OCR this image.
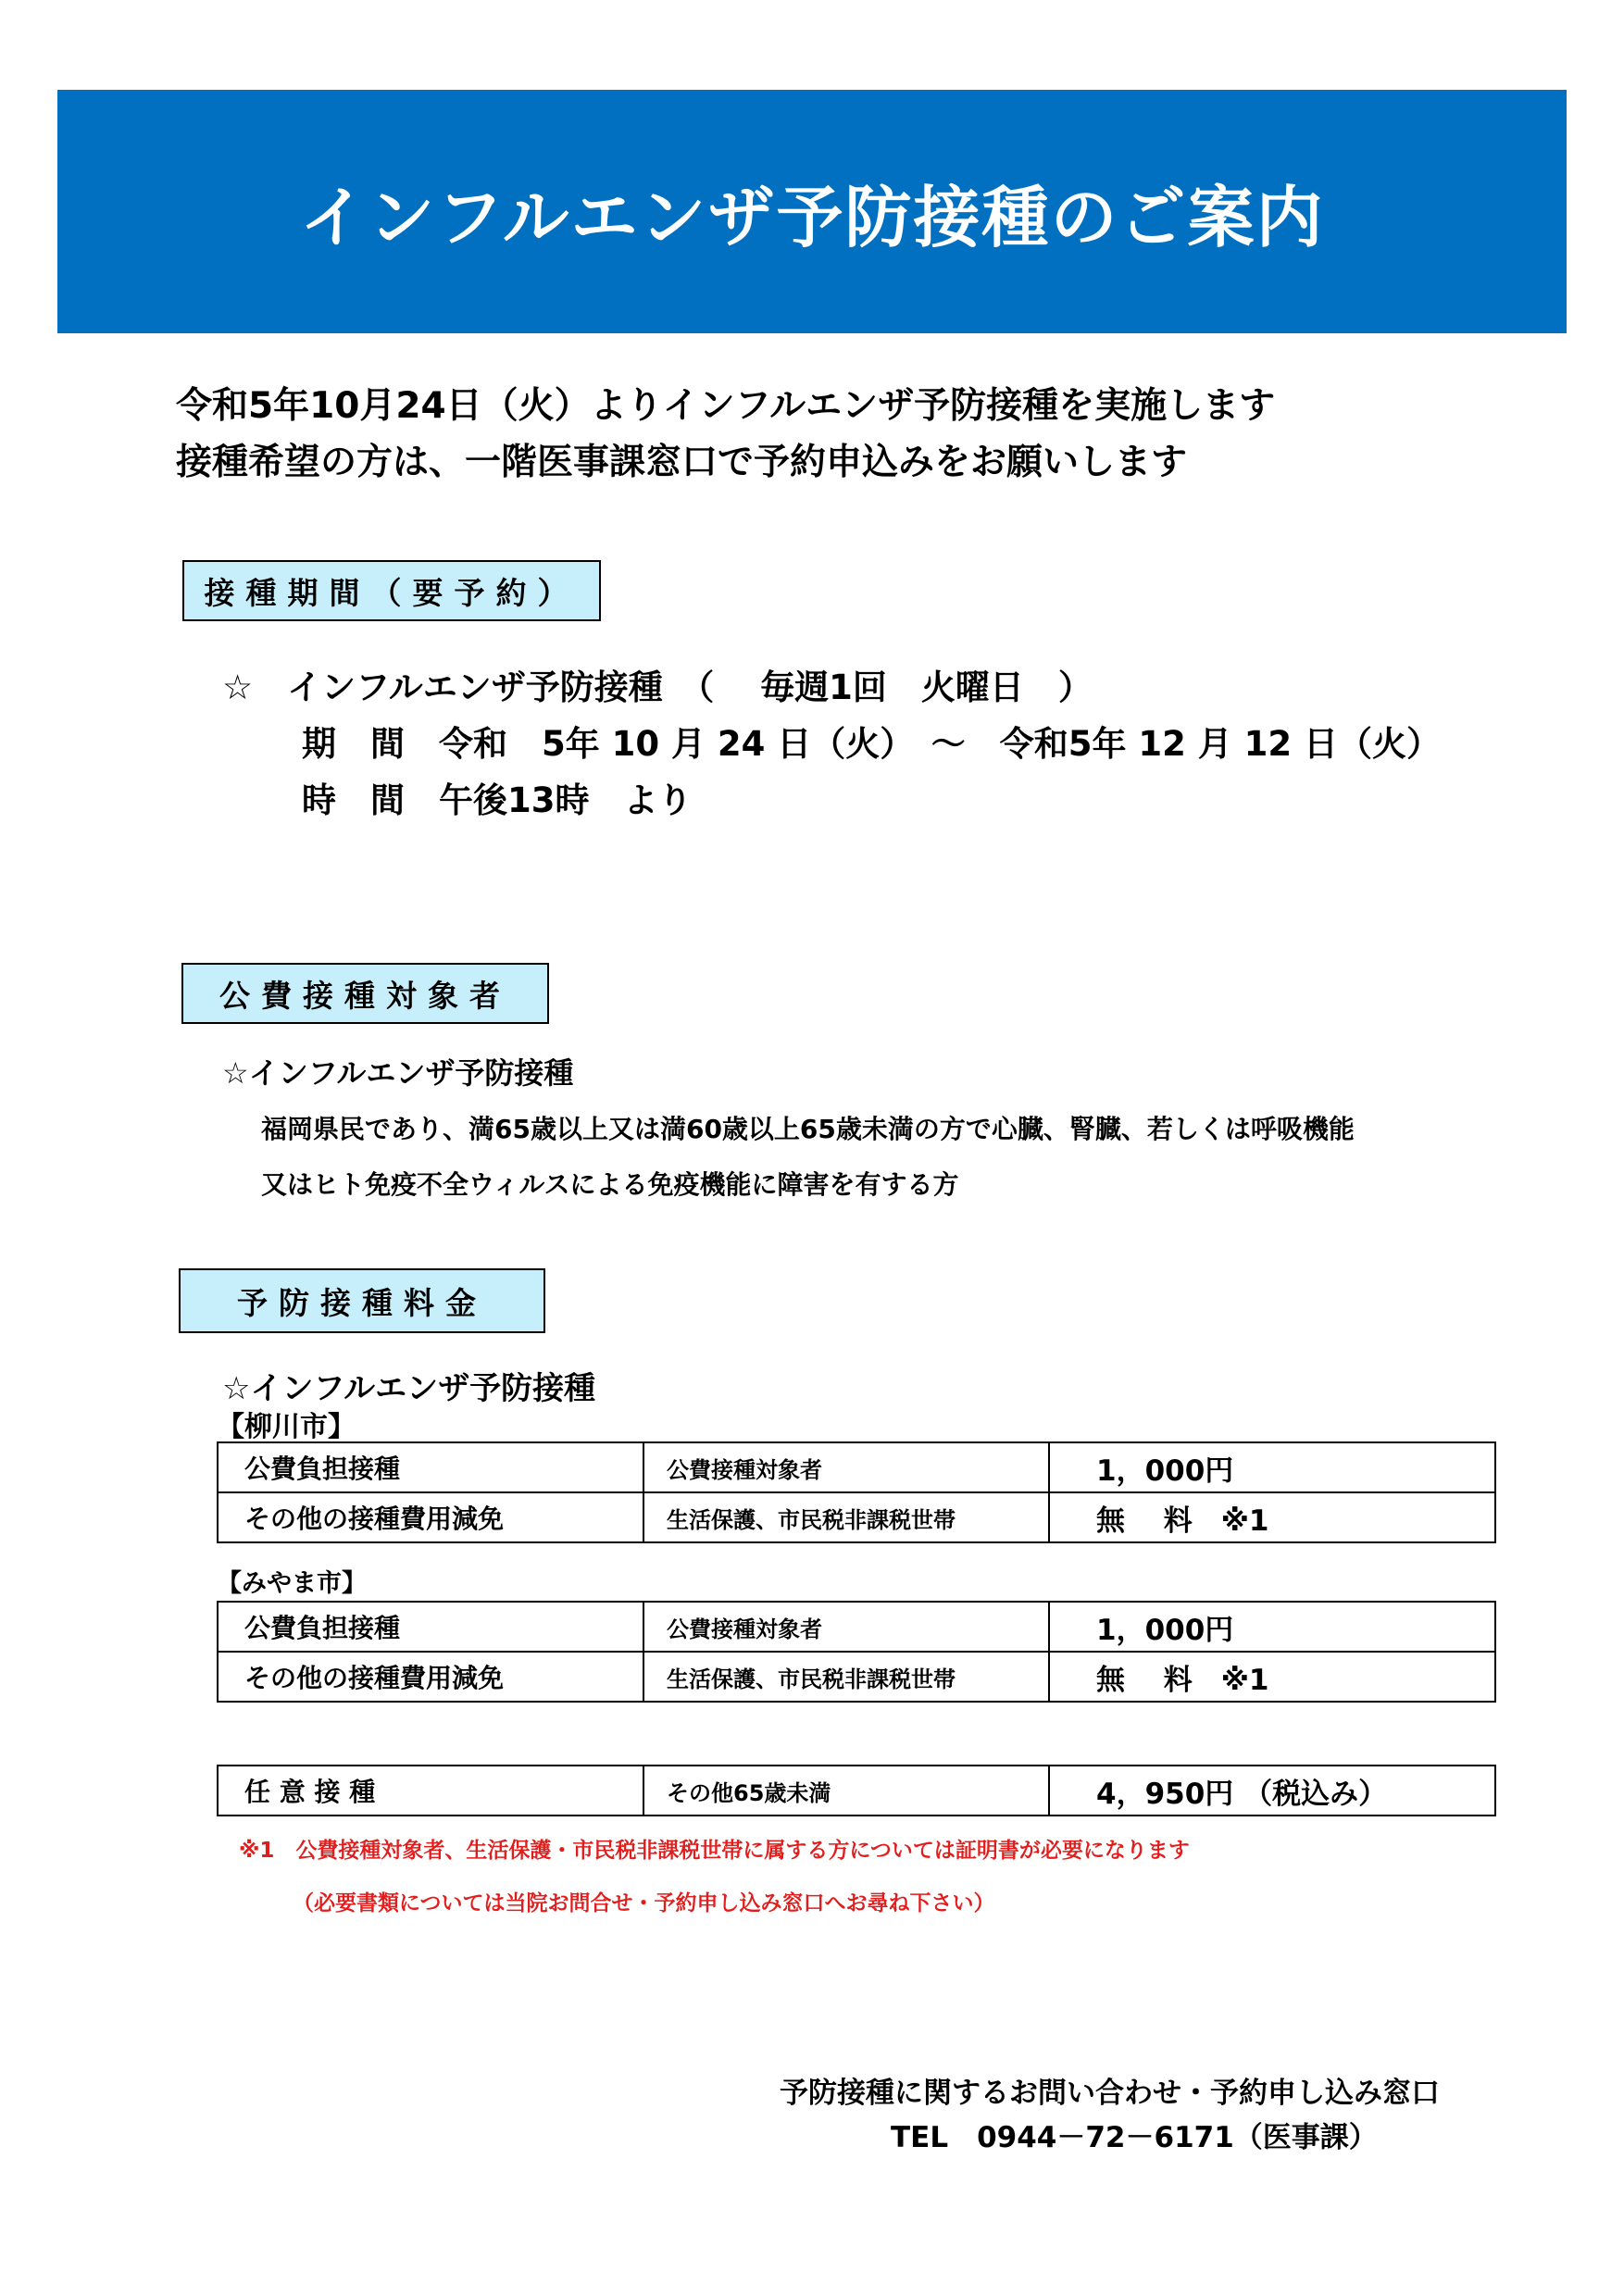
インフルエンザ予防接種のご案内
令和5年10月24日（火）よりインフルエンザ予防接種を実施します
接種希望の方は、一階医事課窓口で予約申込みをお願いします
接種期間（要予約）
☆　インフルエンザ予防接種　（　 毎週1回　火曜日　）
期　間　令和　5年 10 月 24 日（火）　～　令和5年 12 月 12 日（火）
時　間　午後13時　より
公費接種対象者
☆インフルエンザ予防接種
福岡県民であり、満65歳以上又は満60歳以上65歳未満の方で心臓、腎臓、若しくは呼吸機能
又はヒト免疫不全ウィルスによる免疫機能に障害を有する方
予防接種料金
☆インフルエンザ予防接種
【柳川市】
公費負担接種	公費接種対象者	1，000円
その他の接種費用減免	生活保護、市民税非課税世帯	無　 料　※1
【みやま市】
公費負担接種	公費接種対象者	1，000円
その他の接種費用減免	生活保護、市民税非課税世帯	無　 料　※1
任 意 接 種	その他65歳未満	4，950円 （税込み）
※1　公費接種対象者、生活保護・市民税非課税世帯に属する方については証明書が必要になります
（必要書類については当院お問合せ・予約申し込み窓口へお尋ね下さい）
予防接種に関するお問い合わせ・予約申し込み窓口
TEL　0944－72－6171（医事課）
